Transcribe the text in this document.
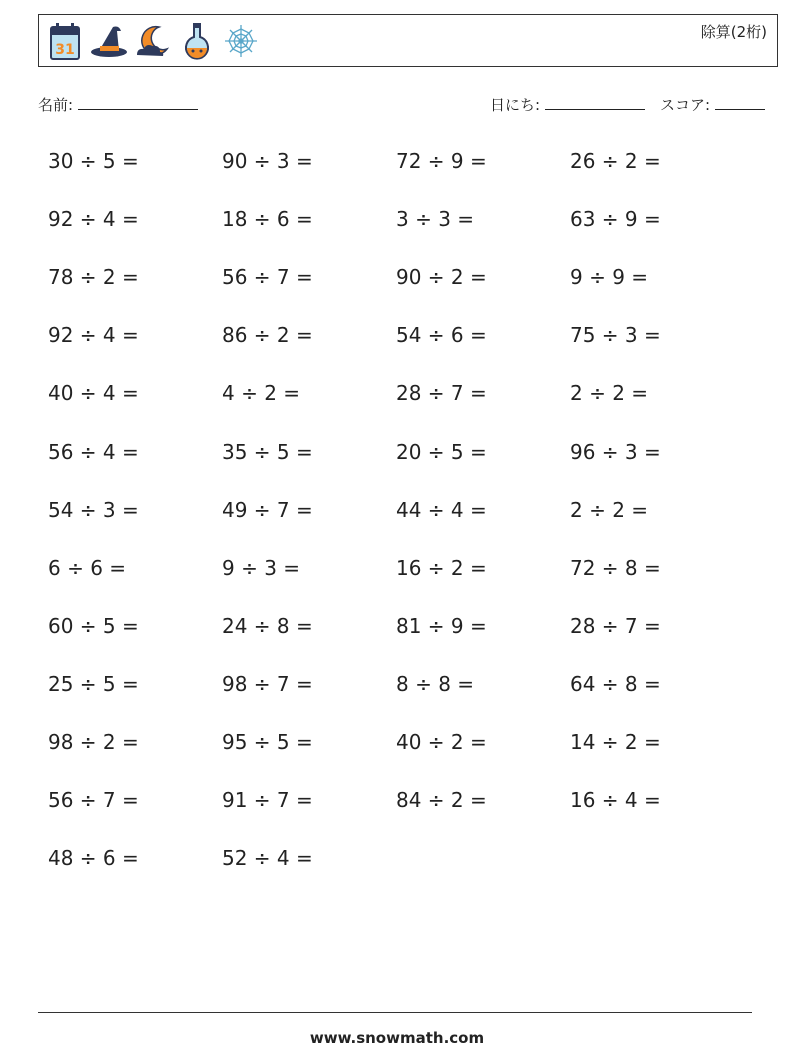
31
除算(2桁)
名前:	日にち:	スコア:
30 ÷ 5 =	90 ÷ 3 =	72 ÷ 9 =	26 ÷ 2 =
92 ÷ 4 =	18 ÷ 6 =	3 ÷ 3 =	63 ÷ 9 =
78 ÷ 2 =	56 ÷ 7 =	90 ÷ 2 =	9 ÷ 9 =
92 ÷ 4 =	86 ÷ 2 =	54 ÷ 6 =	75 ÷ 3 =
40 ÷ 4 =	4 ÷ 2 =	28 ÷ 7 =	2 ÷ 2 =
56 ÷ 4 =	35 ÷ 5 =	20 ÷ 5 =	96 ÷ 3 =
54 ÷ 3 =	49 ÷ 7 =	44 ÷ 4 =	2 ÷ 2 =
6 ÷ 6 =	9 ÷ 3 =	16 ÷ 2 =	72 ÷ 8 =
60 ÷ 5 =	24 ÷ 8 =	81 ÷ 9 =	28 ÷ 7 =
25 ÷ 5 =	98 ÷ 7 =	8 ÷ 8 =	64 ÷ 8 =
98 ÷ 2 =	95 ÷ 5 =	40 ÷ 2 =	14 ÷ 2 =
56 ÷ 7 =	91 ÷ 7 =	84 ÷ 2 =	16 ÷ 4 =
48 ÷ 6 =	52 ÷ 4 =
www.snowmath.com
